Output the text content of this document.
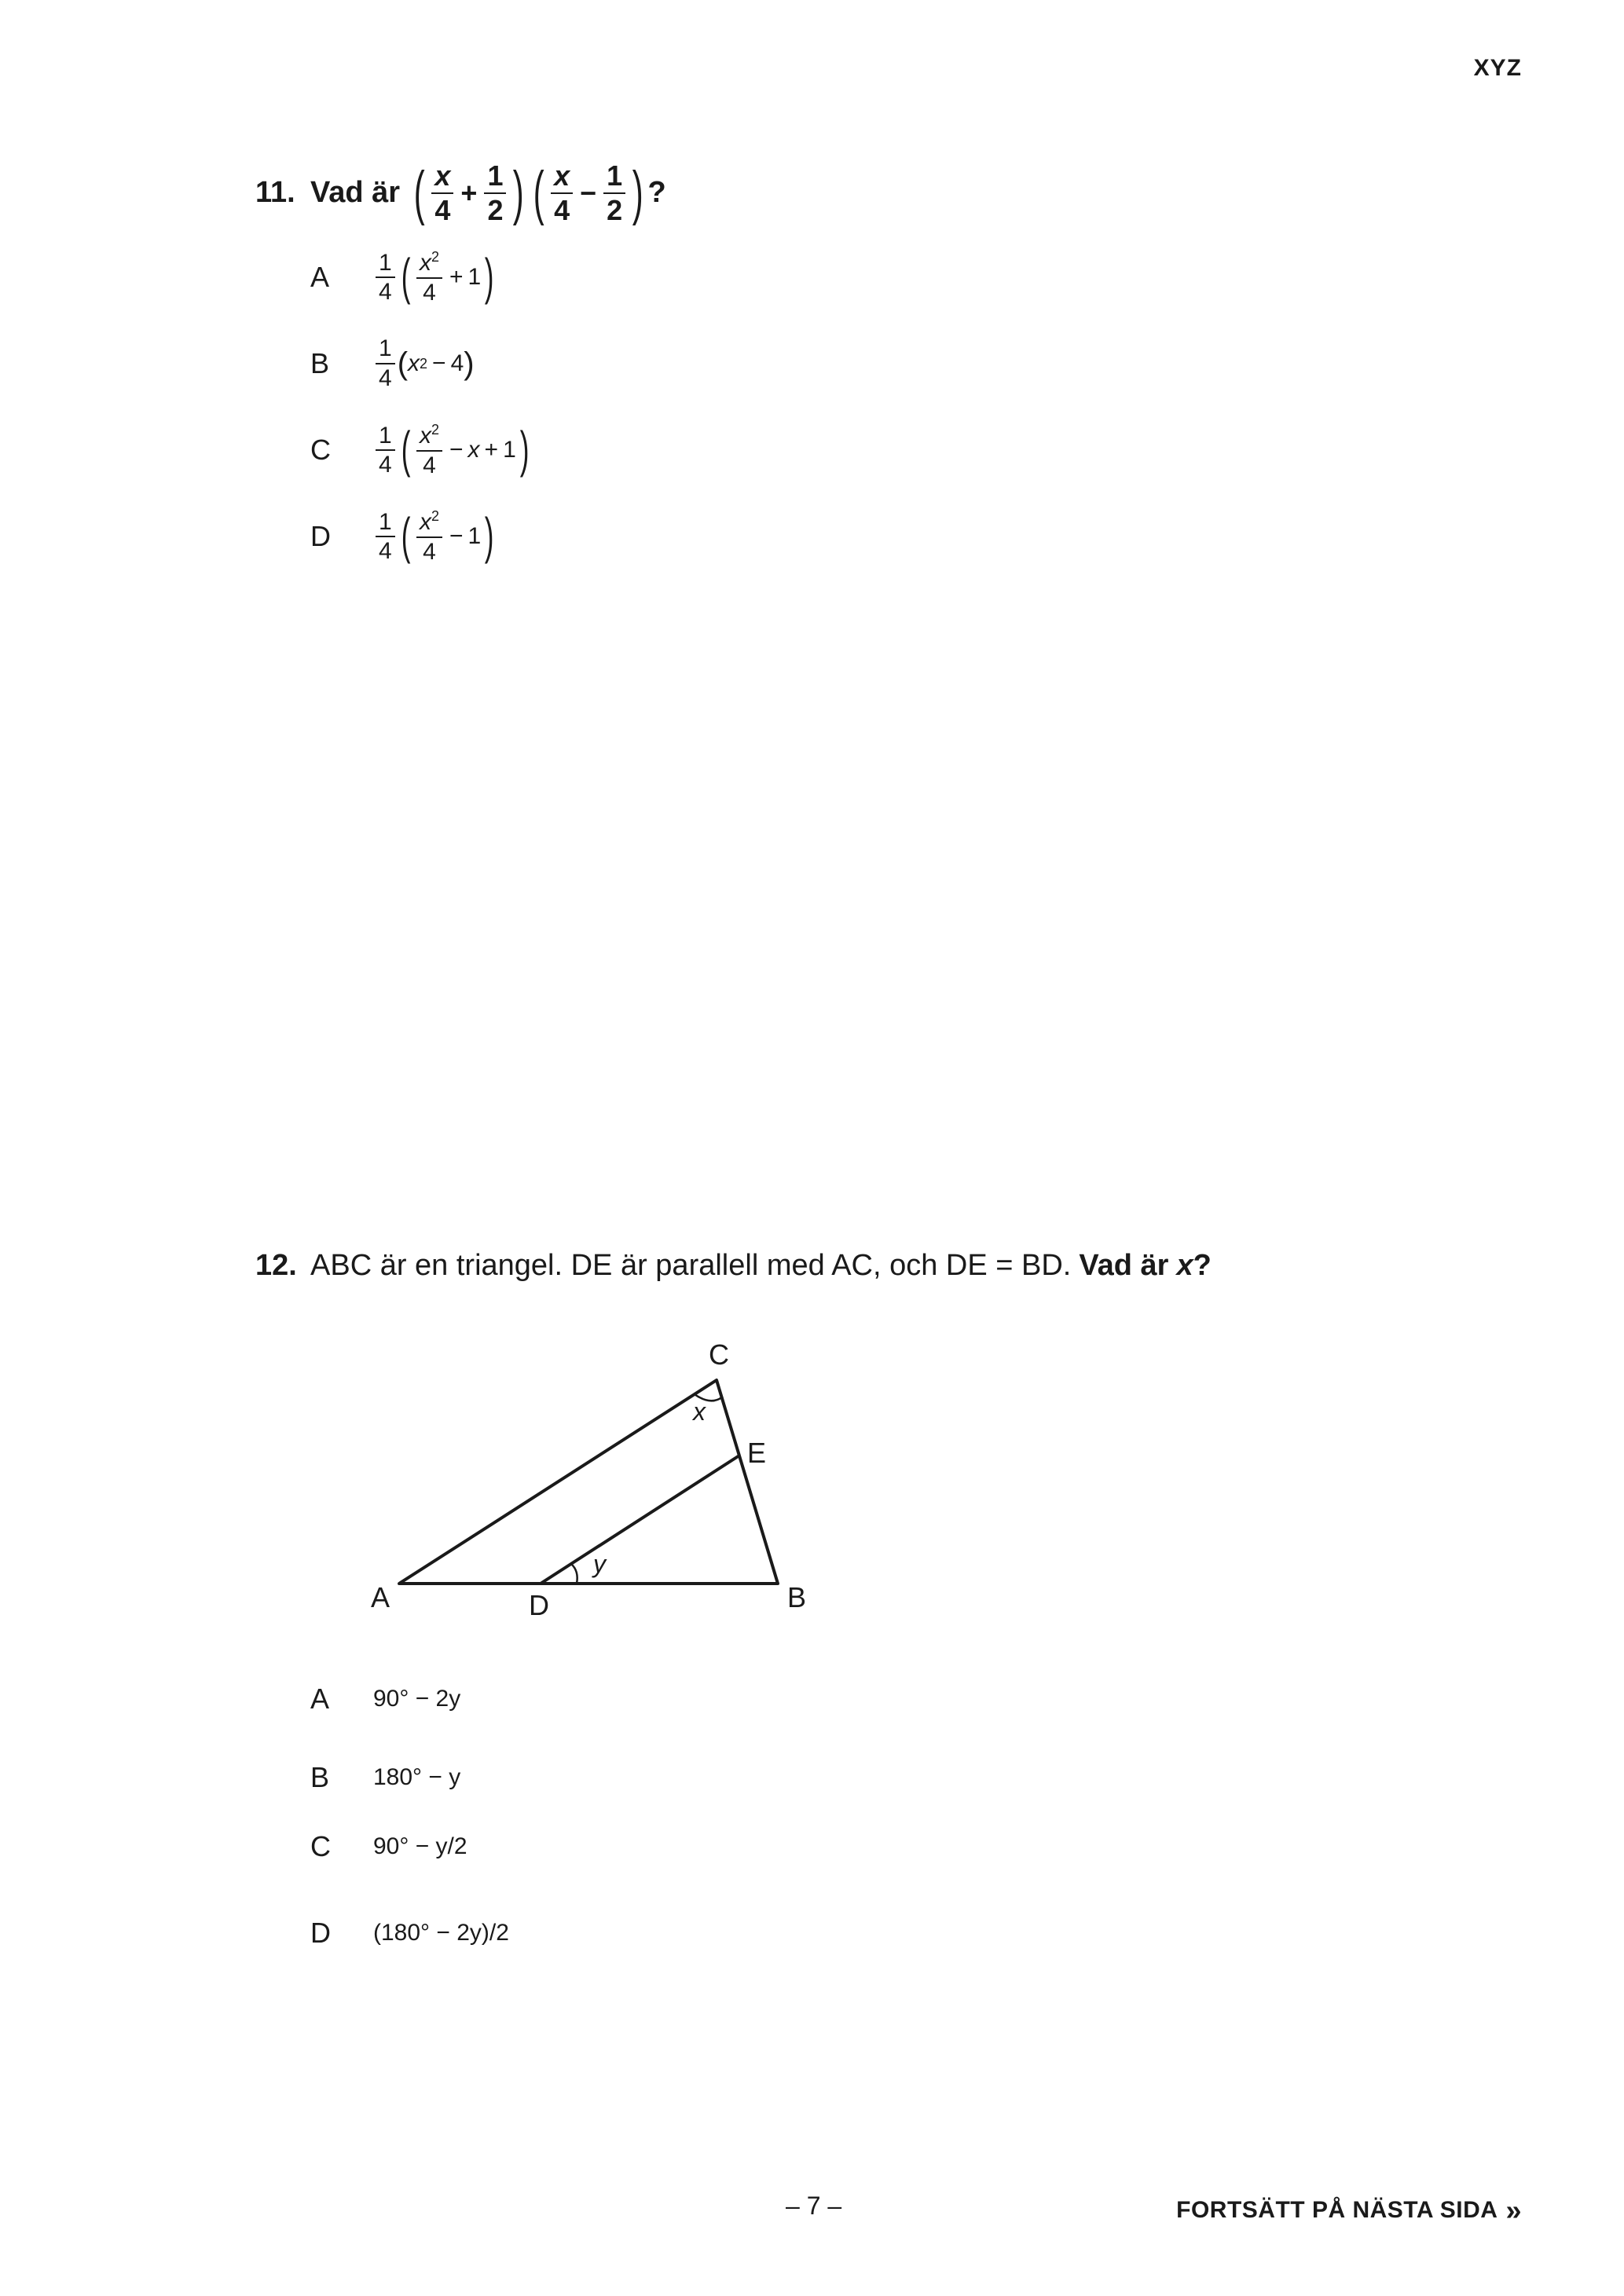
XYZ
11. Vad är ( $\frac{x}{4} + \frac{1}{2}$ ) ( $\frac{x}{4} - \frac{1}{2}$ ) ?
A	$\frac{1}{4}$ ( $\frac{x^2}{4} + 1$ )
B	$\frac{1}{4}$ ( x 2 − 4 )
C	$\frac{1}{4}$ ( $\frac{x^2}{4} - x + 1$ )
D	$\frac{1}{4}$ ( $\frac{x^2}{4} - 1$ )
12. ABC är en triangel. DE är parallell med AC, och DE = BD. Vad är x ?
C
E
A	D	B
x
y
A	90° − 2y
B	180° − y
C	90° − y/2
D	(180° − 2y)/2
– 7 –	FORTSÄTT PÅ NÄSTA SIDA »
